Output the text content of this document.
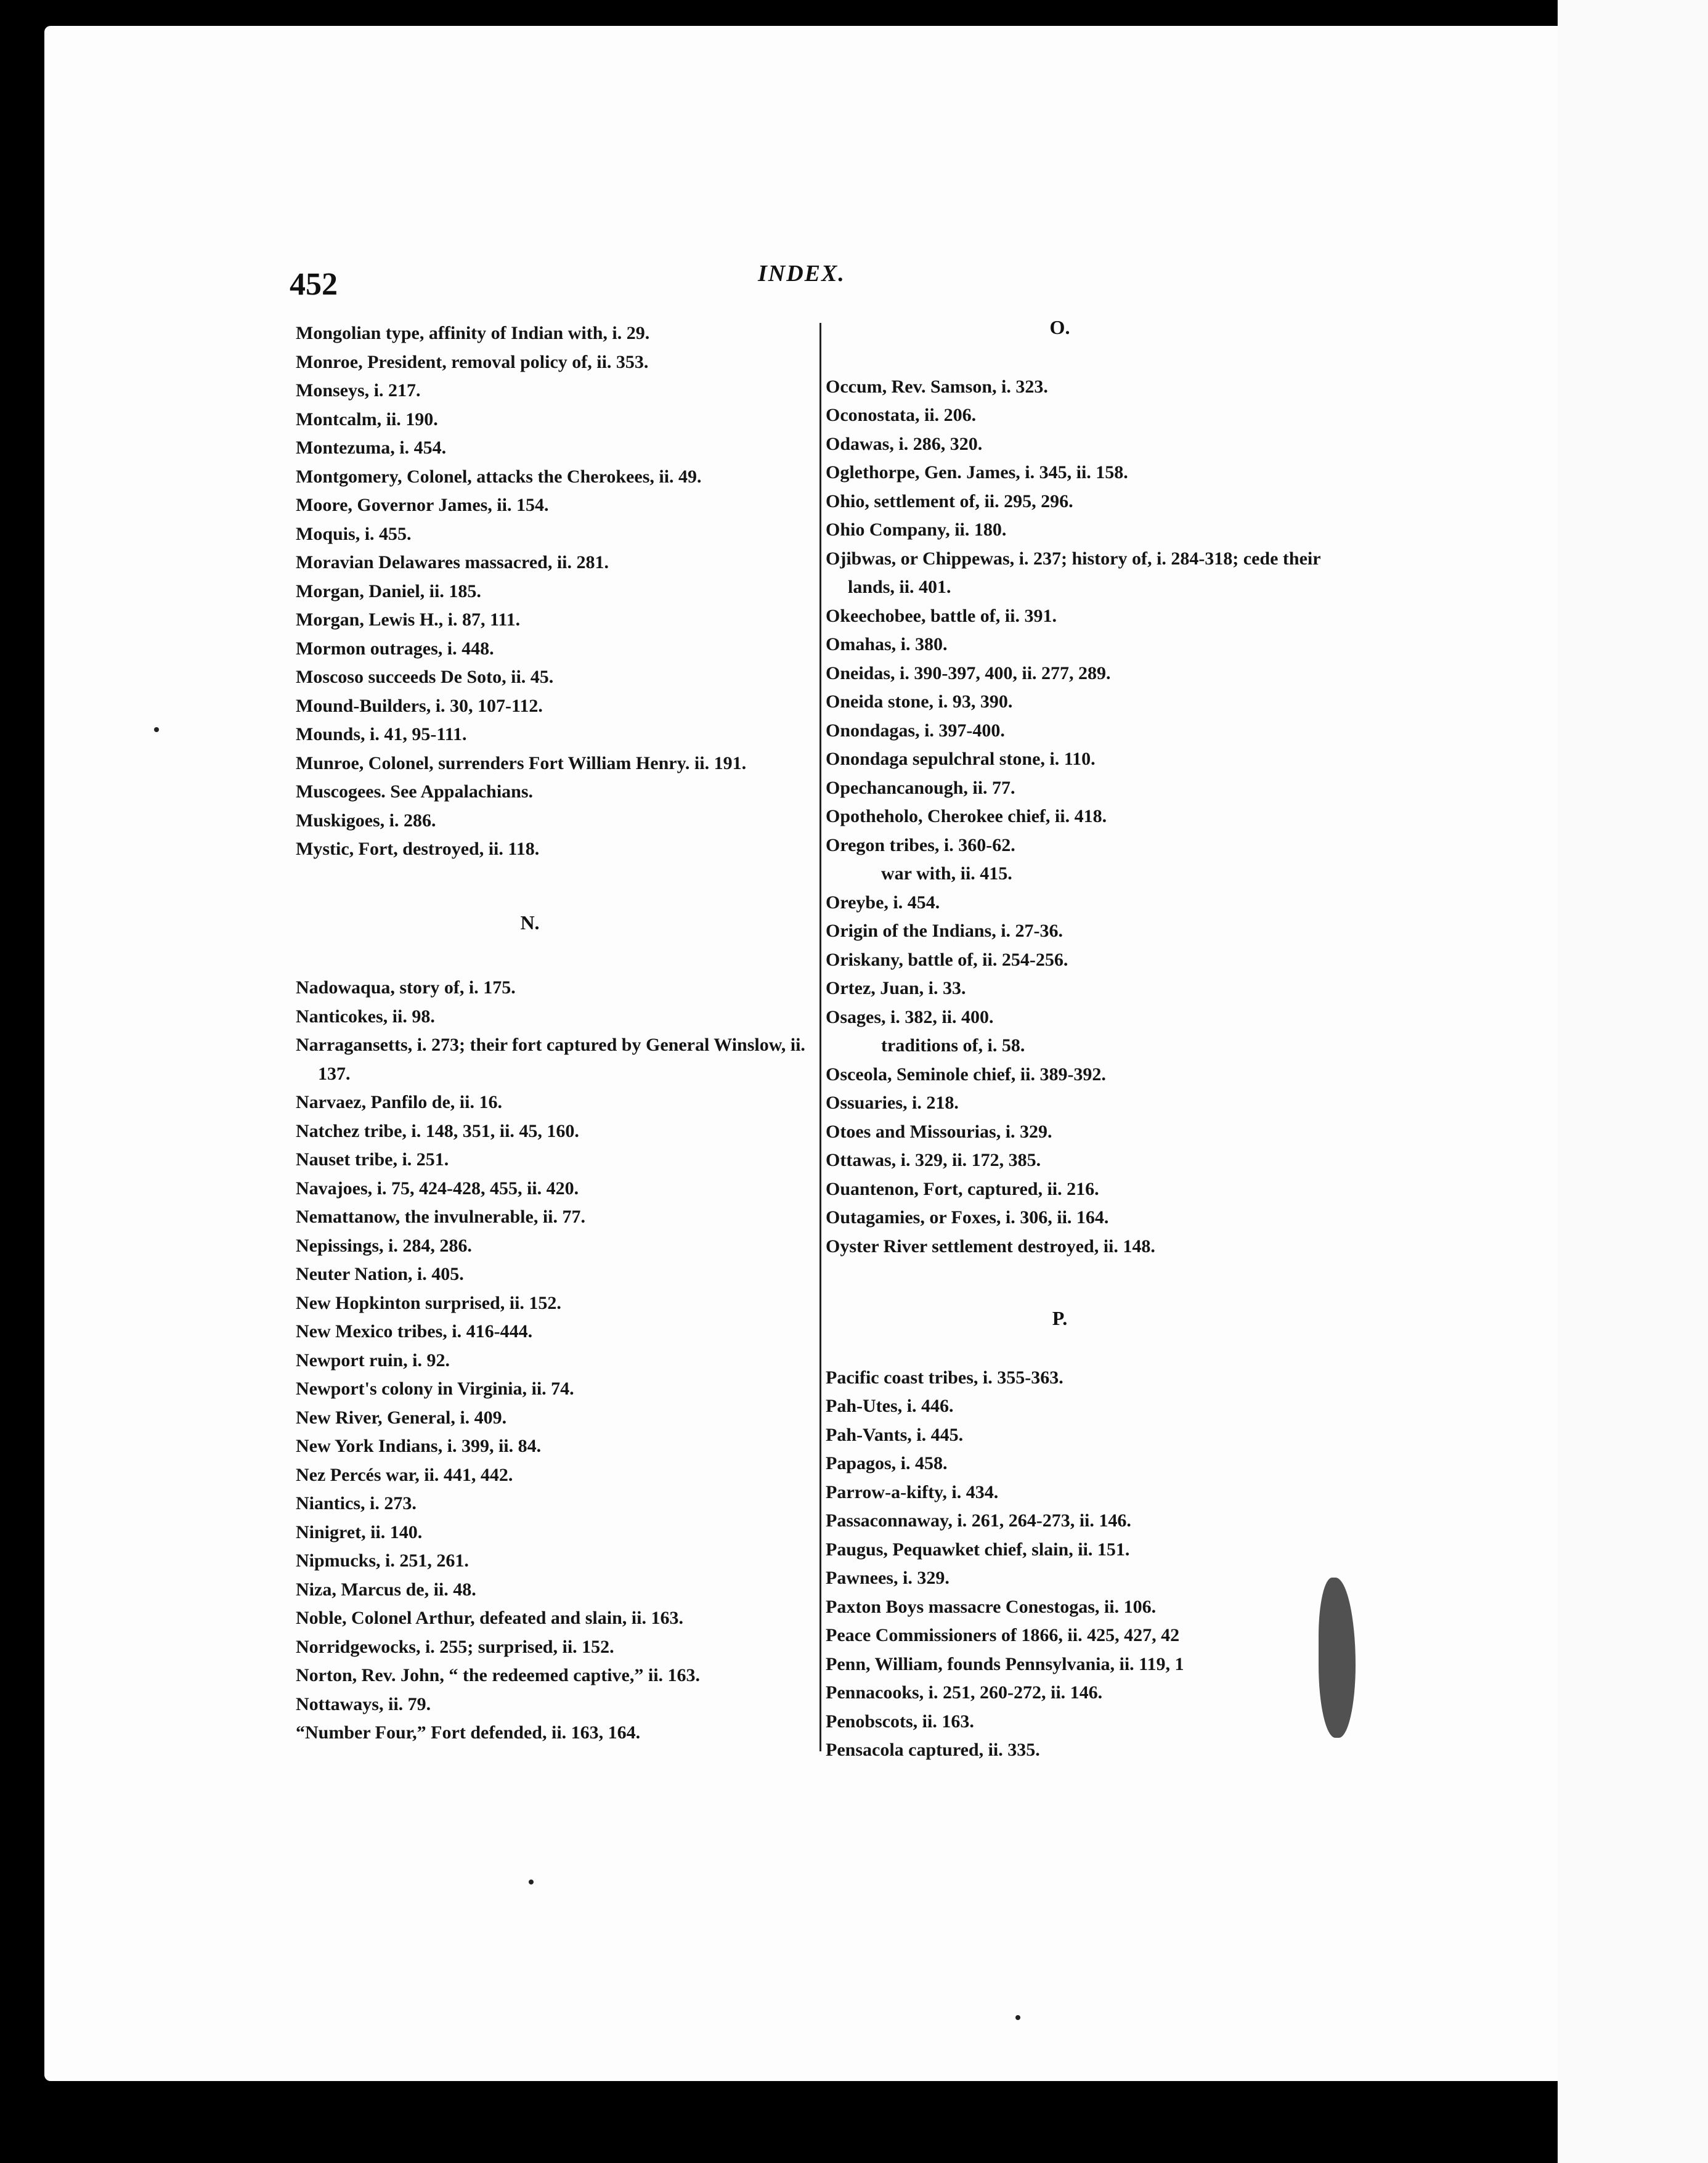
452	INDEX.
Mongolian type, affinity of Indian with, i. 29.
Monroe, President, removal policy of, ii. 353.
Monseys, i. 217.
Montcalm, ii. 190.
Montezuma, i. 454.
Montgomery, Colonel, attacks the Cherokees, ii. 49.
Moore, Governor James, ii. 154.
Moquis, i. 455.
Moravian Delawares massacred, ii. 281.
Morgan, Daniel, ii. 185.
Morgan, Lewis H., i. 87, 111.
Mormon outrages, i. 448.
Moscoso succeeds De Soto, ii. 45.
Mound-Builders, i. 30, 107-112.
Mounds, i. 41, 95-111.
Munroe, Colonel, surrenders Fort William Henry. ii. 191.
Muscogees. See Appalachians.
Muskigoes, i. 286.
Mystic, Fort, destroyed, ii. 118.
N.
Nadowaqua, story of, i. 175.
Nanticokes, ii. 98.
Narragansetts, i. 273; their fort captured by General Winslow, ii. 137.
Narvaez, Panfilo de, ii. 16.
Natchez tribe, i. 148, 351, ii. 45, 160.
Nauset tribe, i. 251.
Navajoes, i. 75, 424-428, 455, ii. 420.
Nemattanow, the invulnerable, ii. 77.
Nepissings, i. 284, 286.
Neuter Nation, i. 405.
New Hopkinton surprised, ii. 152.
New Mexico tribes, i. 416-444.
Newport ruin, i. 92.
Newport's colony in Virginia, ii. 74.
New River, General, i. 409.
New York Indians, i. 399, ii. 84.
Nez Percés war, ii. 441, 442.
Niantics, i. 273.
Ninigret, ii. 140.
Nipmucks, i. 251, 261.
Niza, Marcus de, ii. 48.
Noble, Colonel Arthur, defeated and slain, ii. 163.
Norridgewocks, i. 255; surprised, ii. 152.
Norton, Rev. John, “ the redeemed captive,” ii. 163.
Nottaways, ii. 79.
“Number Four,” Fort defended, ii. 163, 164.
O.
Occum, Rev. Samson, i. 323.
Oconostata, ii. 206.
Odawas, i. 286, 320.
Oglethorpe, Gen. James, i. 345, ii. 158.
Ohio, settlement of, ii. 295, 296.
Ohio Company, ii. 180.
Ojibwas, or Chippewas, i. 237; history of, i. 284-318; cede their lands, ii. 401.
Okeechobee, battle of, ii. 391.
Omahas, i. 380.
Oneidas, i. 390-397, 400, ii. 277, 289.
Oneida stone, i. 93, 390.
Onondagas, i. 397-400.
Onondaga sepulchral stone, i. 110.
Opechancanough, ii. 77.
Opotheholo, Cherokee chief, ii. 418.
Oregon tribes, i. 360-62.
war with, ii. 415.
Oreybe, i. 454.
Origin of the Indians, i. 27-36.
Oriskany, battle of, ii. 254-256.
Ortez, Juan, i. 33.
Osages, i. 382, ii. 400.
traditions of, i. 58.
Osceola, Seminole chief, ii. 389-392.
Ossuaries, i. 218.
Otoes and Missourias, i. 329.
Ottawas, i. 329, ii. 172, 385.
Ouantenon, Fort, captured, ii. 216.
Outagamies, or Foxes, i. 306, ii. 164.
Oyster River settlement destroyed, ii. 148.
P.
Pacific coast tribes, i. 355-363.
Pah-Utes, i. 446.
Pah-Vants, i. 445.
Papagos, i. 458.
Parrow-a-kifty, i. 434.
Passaconnaway, i. 261, 264-273, ii. 146.
Paugus, Pequawket chief, slain, ii. 151.
Pawnees, i. 329.
Paxton Boys massacre Conestogas, ii. 106.
Peace Commissioners of 1866, ii. 425, 427, 42
Penn, William, founds Pennsylvania, ii. 119, 1
Pennacooks, i. 251, 260-272, ii. 146.
Penobscots, ii. 163.
Pensacola captured, ii. 335.
